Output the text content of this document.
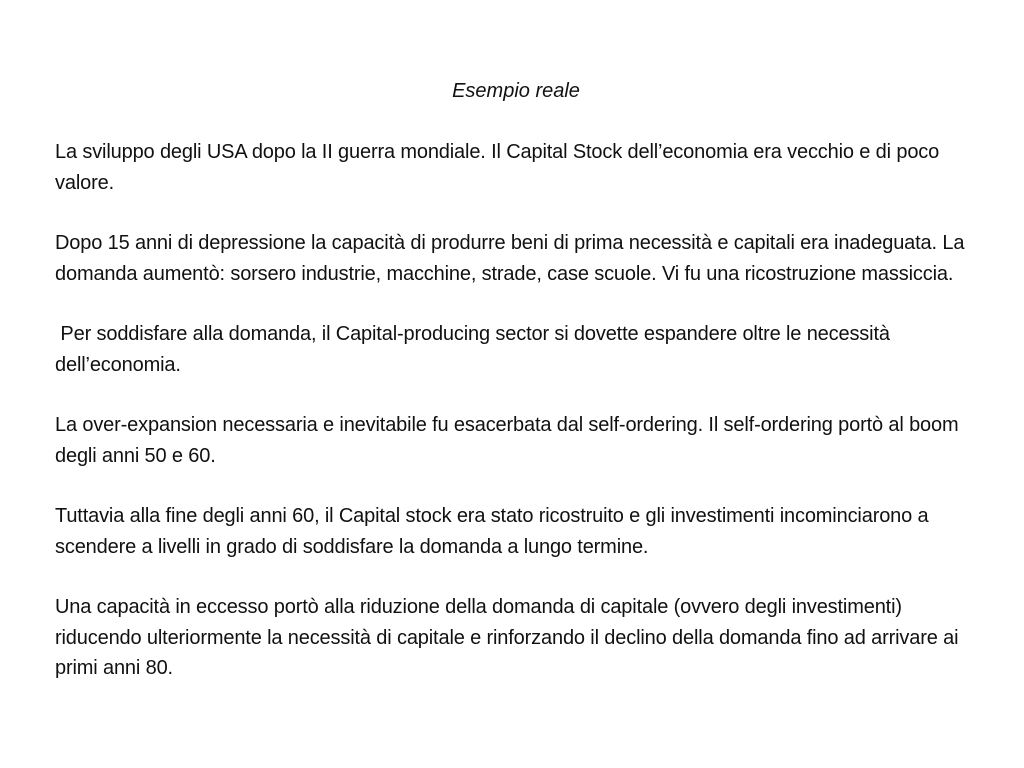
Esempio reale

La sviluppo degli USA dopo la II guerra mondiale. Il Capital Stock dell’economia era vecchio e di poco valore.

Dopo 15 anni di depressione la capacità di produrre beni di prima necessità e capitali era inadeguata. La domanda aumentò: sorsero industrie, macchine, strade, case scuole. Vi fu una ricostruzione massiccia.

Per soddisfare alla domanda, il Capital-producing sector si dovette espandere oltre le necessità dell’economia.

La over-expansion necessaria e inevitabile fu esacerbata dal self-ordering. Il self-ordering portò al boom degli anni 50 e 60.

Tuttavia alla fine degli anni 60, il Capital stock era stato ricostruito e gli investimenti incominciarono a scendere a livelli in grado di soddisfare la domanda a lungo termine.

Una capacità in eccesso portò alla riduzione della domanda di capitale (ovvero degli investimenti) riducendo ulteriormente la necessità di capitale e rinforzando il declino della domanda fino ad arrivare ai primi anni 80.
